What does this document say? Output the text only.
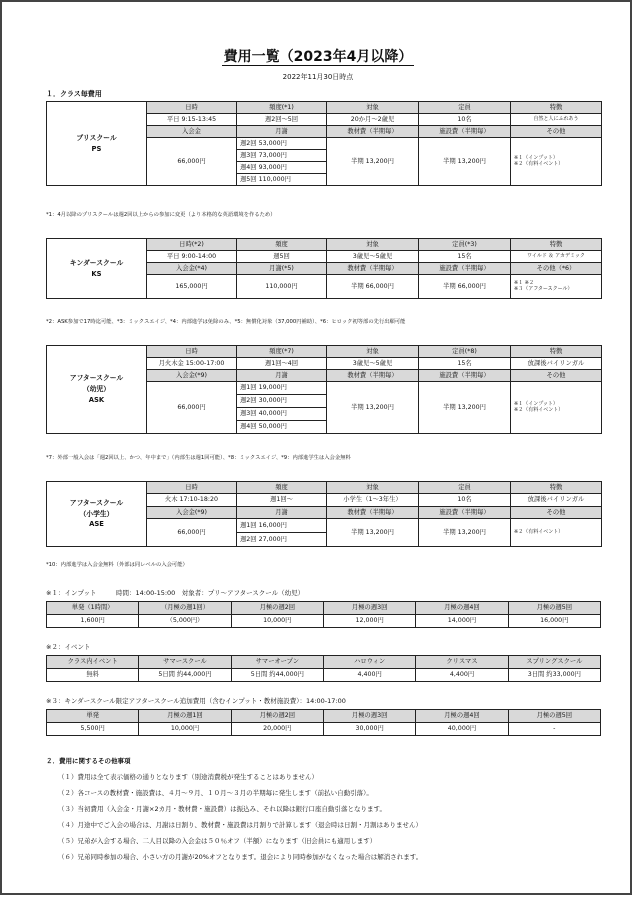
費用一覧（2023年4月以降）
2022年11月30日時点
１．クラス毎費用
プリスクール
PS	日時	頻度(*1)	対象	定員	特徴
	平日 9:15-13:45	週2回～5回	20か月～2歳児	10名	自然と人にふれあう
	入会金	月謝	教材費（半期毎）	施設費（半期毎）	その他
	66,000円	週2回 53,000円	半期 13,200円	半期 13,200円	※１（インプット）
※２（有料イベント）
		週3回 73,000円			
		週4回 93,000円			
		週5回 110,000円			
*1：4月以降のプリスクールは週2回以上からの参加に変更（より本格的な英語環境を作るため）
キンダースクール
KS	日時(*2)	頻度	対象	定員(*3)	特徴
	平日 9:00-14:00	週5回	3歳児～5歳児	15名	ワイルド ＆ アカデミック
	入会金(*4)	月謝(*5)	教材費（半期毎）	施設費（半期毎）	その他（*6）
	165,000円	110,000円	半期 66,000円	半期 66,000円	※１ ※２
※３（アフタースクール）
*2：ASK参加で17時迄可能、*3：ミックスエイジ、*4：内部進学は免除のみ、*5：無償化対象（37,000円補助）、*6：ヒロック初等部の先行出願可能
アフタースクール
（幼児）
ASK	日時	頻度(*7)	対象	定員(*8)	特徴
	月火木金 15:00-17:00	週1回～4回	3歳児～5歳児	15名	放課後バイリンガル
	入会金(*9)	月謝	教材費（半期毎）	施設費（半期毎）	その他
	66,000円	週1回 19,000円	半期 13,200円	半期 13,200円	※１（インプット）
※２（有料イベント）
		週2回 30,000円			
		週3回 40,000円			
		週4回 50,000円			
*7：外部一般入会は「週2回以上、かつ、年中まで」（内部生は週1回可能）、*8：ミックスエイジ、*9：内部進学生は入会金無料
アフタースクール
（小学生）
ASE	日時	頻度	対象	定員	特徴
	火木 17:10-18:20	週1回～	小学生（1～3年生）	10名	放課後バイリンガル
	入会金(*9)	月謝	教材費（半期毎）	施設費（半期毎）	その他
	66,000円	週1回 16,000円	半期 13,200円	半期 13,200円	※２（有料イベント）
		週2回 27,000円			
*10：内部進学は入会金無料（外部は同レベルの入会可能）
※１：インプット　　　時間：14:00-15:00　対象者：プリ～アフタースクール（幼児）
単発（1時間）	（月極の週1回）	月極の週2回	月極の週3回	月極の週4回	月極の週5回
1,600円	（5,000円）	10,000円	12,000円	14,000円	16,000円
※２：イベント
クラス内イベント	サマースクール	サマーオープン	ハロウィン	クリスマス	スプリングスクール
無料	5日間 約44,000円	5日間 約44,000円	4,400円	4,400円	3日間 約33,000円
※３：キンダースクール限定アフタースクール追加費用（含むインプット・教材施設費）：14:00-17:00
単発	月極の週1回	月極の週2回	月極の週3回	月極の週4回	月極の週5回
5,500円	10,000円	20,000円	30,000円	40,000円	-
２．費用に関するその他事項
（１）費用は全て表示価格の通りとなります（別途消費税が発生することはありません）
（２）各コースの教材費・施設費は、４月～９月、１０月～３月の半期毎に発生します（前払い自動引落）。
（３）当初費用（入会金・月謝×2カ月・教材費・施設費）は振込み、それ以降は銀行口座自動引落となります。
（４）月途中でご入会の場合は、月謝は日割り、教材費・施設費は月割りで計算します（退会時は日割・月割はありません）
（５）兄弟が入会する場合、二人目以降の入会金は５０％オフ（半額）になります（旧会員にも適用します）
（６）兄弟同時参加の場合、小さい方の月謝が20%オフとなります。退会により同時参加がなくなった場合は解消されます。
